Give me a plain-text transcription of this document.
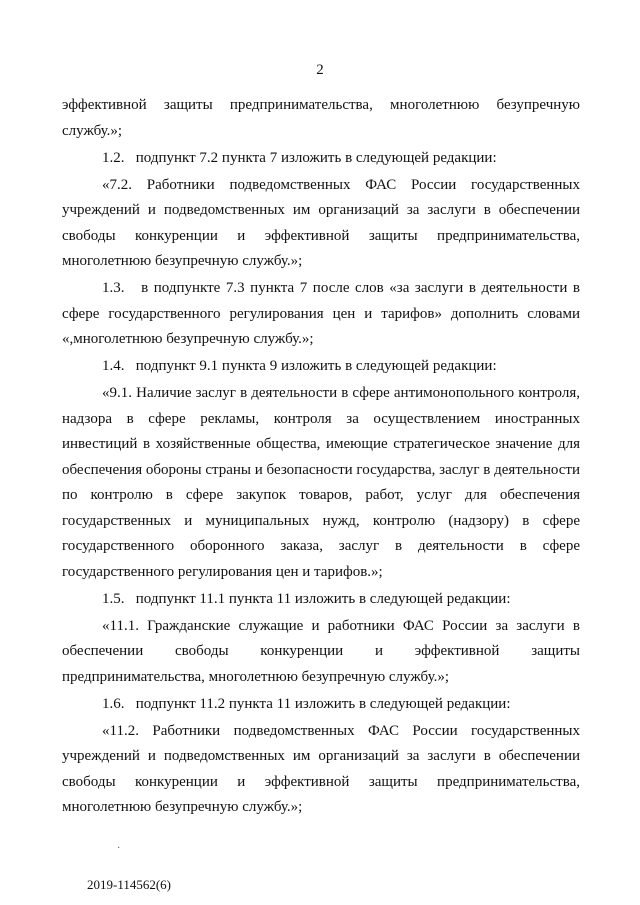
2

эффективной защиты предпринимательства, многолетнюю безупречную службу.»;

1.2.   подпункт 7.2 пункта 7 изложить в следующей редакции:

«7.2. Работники подведомственных ФАС России государственных учреждений и подведомственных им организаций за заслуги в обеспечении свободы конкуренции и эффективной защиты предпринимательства, многолетнюю безупречную службу.»;

1.3.   в подпункте 7.3 пункта 7 после слов «за заслуги в деятельности в сфере государственного регулирования цен и тарифов» дополнить словами «,многолетнюю безупречную службу.»;

1.4.   подпункт 9.1 пункта 9 изложить в следующей редакции:

«9.1. Наличие заслуг в деятельности в сфере антимонопольного контроля, надзора в сфере рекламы, контроля за осуществлением иностранных инвестиций в хозяйственные общества, имеющие стратегическое значение для обеспечения обороны страны и безопасности государства, заслуг в деятельности по контролю в сфере закупок товаров, работ, услуг для обеспечения государственных и муниципальных нужд, контролю (надзору) в сфере государственного оборонного заказа, заслуг в деятельности в сфере государственного регулирования цен и тарифов.»;

1.5.   подпункт 11.1 пункта 11 изложить в следующей редакции:

«11.1. Гражданские служащие и работники ФАС России за заслуги в обеспечении свободы конкуренции и эффективной защиты предпринимательства, многолетнюю безупречную службу.»;

1.6.   подпункт 11.2 пункта 11 изложить в следующей редакции:

«11.2. Работники подведомственных ФАС России государственных учреждений и подведомственных им организаций за заслуги в обеспечении свободы конкуренции и эффективной защиты предпринимательства, многолетнюю безупречную службу.»;

·
2019-114562(6)
